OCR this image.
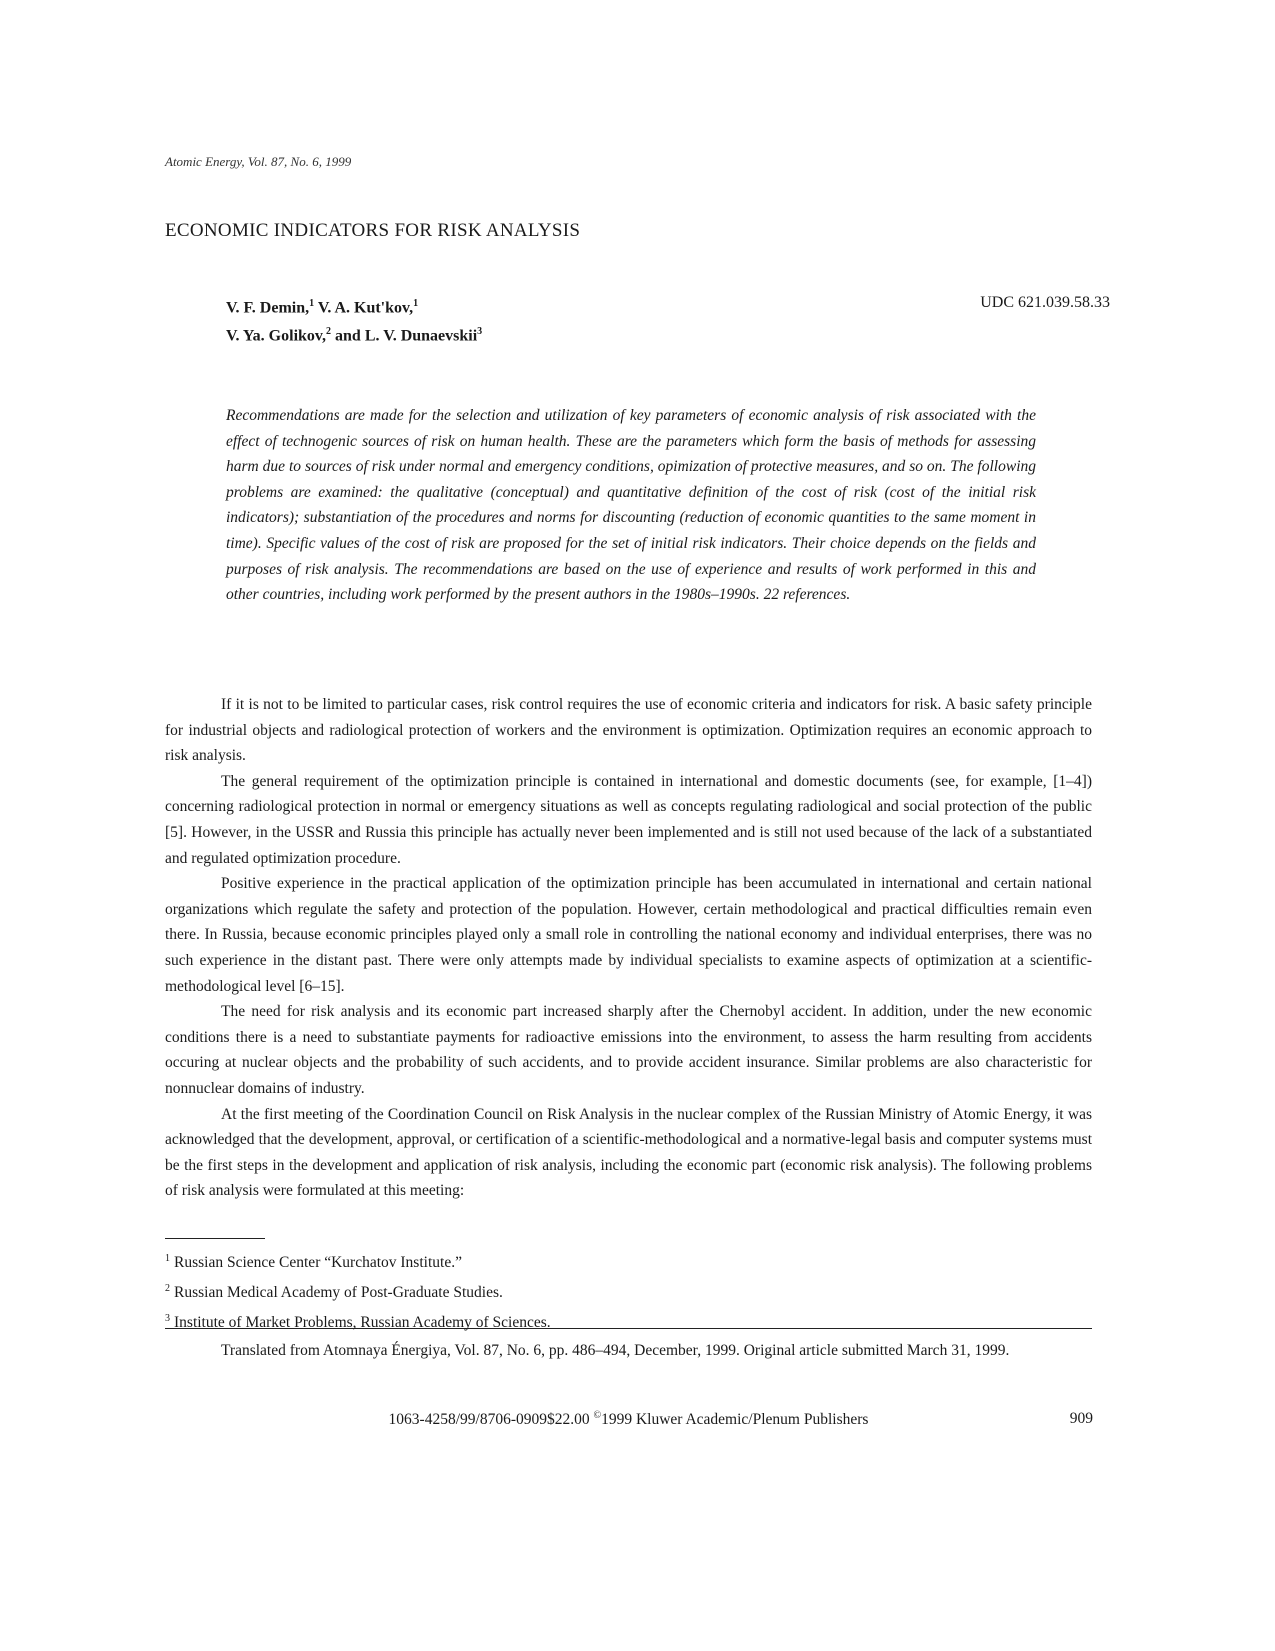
Atomic Energy, Vol. 87, No. 6, 1999
ECONOMIC INDICATORS FOR RISK ANALYSIS
V. F. Demin,$^1$ V. A. Kut'kov,$^1$
V. Ya. Golikov,$^2$ and L. V. Dunaevskii$^3$
UDC 621.039.58.33
Recommendations are made for the selection and utilization of key parameters of economic analysis of risk associated with the effect of technogenic sources of risk on human health. These are the parameters which form the basis of methods for assessing harm due to sources of risk under normal and emergency conditions, opimization of protective measures, and so on. The following problems are examined: the qualitative (conceptual) and quantitative definition of the cost of risk (cost of the initial risk indicators); substantiation of the procedures and norms for discounting (reduction of economic quantities to the same moment in time). Specific values of the cost of risk are proposed for the set of initial risk indicators. Their choice depends on the fields and purposes of risk analysis. The recommendations are based on the use of experience and results of work performed in this and other countries, including work performed by the present authors in the 1980s–1990s. 22 references.

If it is not to be limited to particular cases, risk control requires the use of economic criteria and indicators for risk. A basic safety principle for industrial objects and radiological protection of workers and the environment is optimization. Optimization requires an economic approach to risk analysis.

The general requirement of the optimization principle is contained in international and domestic documents (see, for example, [1–4]) concerning radiological protection in normal or emergency situations as well as concepts regulating radiological and social protection of the public [5]. However, in the USSR and Russia this principle has actually never been implemented and is still not used because of the lack of a substantiated and regulated optimization procedure.

Positive experience in the practical application of the optimization principle has been accumulated in international and certain national organizations which regulate the safety and protection of the population. However, certain methodological and practical difficulties remain even there. In Russia, because economic principles played only a small role in controlling the national economy and individual enterprises, there was no such experience in the distant past. There were only attempts made by individual specialists to examine aspects of optimization at a scientific-methodological level [6–15].

The need for risk analysis and its economic part increased sharply after the Chernobyl accident. In addition, under the new economic conditions there is a need to substantiate payments for radioactive emissions into the environment, to assess the harm resulting from accidents occuring at nuclear objects and the probability of such accidents, and to provide accident insurance. Similar problems are also characteristic for nonnuclear domains of industry.

At the first meeting of the Coordination Council on Risk Analysis in the nuclear complex of the Russian Ministry of Atomic Energy, it was acknowledged that the development, approval, or certification of a scientific-methodological and a normative-legal basis and computer systems must be the first steps in the development and application of risk analysis, including the economic part (economic risk analysis). The following problems of risk analysis were formulated at this meeting:

$^1$ Russian Science Center “Kurchatov Institute.”
$^2$ Russian Medical Academy of Post-Graduate Studies.
$^3$ Institute of Market Problems, Russian Academy of Sciences.
Translated from Atomnaya Énergiya, Vol. 87, No. 6, pp. 486–494, December, 1999. Original article submitted March 31, 1999.
1063-4258/99/8706-0909$22.00 ©1999 Kluwer Academic/Plenum Publishers	909
